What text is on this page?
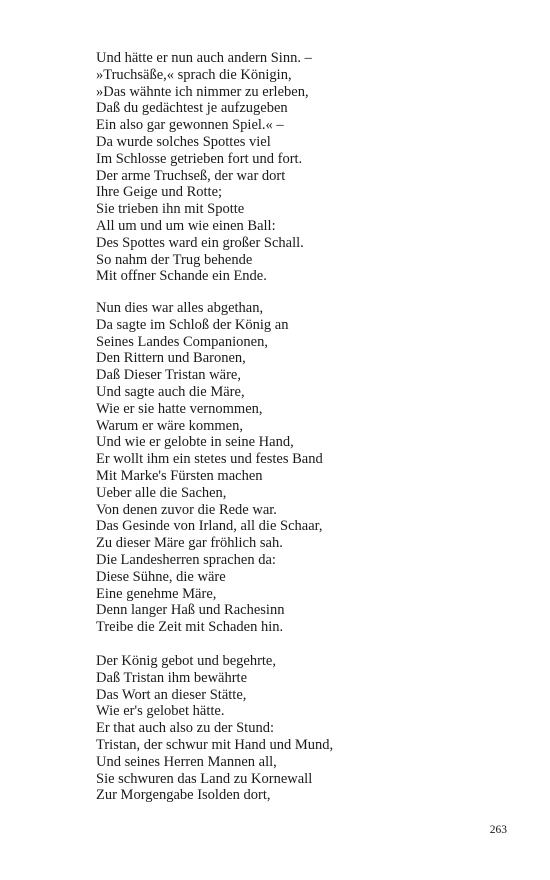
Und hätte er nun auch andern Sinn. –
»Truchsäße,« sprach die Königin,
»Das wähnte ich nimmer zu erleben,
Daß du gedächtest je aufzugeben
Ein also gar gewonnen Spiel.« –
Da wurde solches Spottes viel
Im Schlosse getrieben fort und fort.
Der arme Truchseß, der war dort
Ihre Geige und Rotte;
Sie trieben ihn mit Spotte
All um und um wie einen Ball:
Des Spottes ward ein großer Schall.
So nahm der Trug behende
Mit offner Schande ein Ende.
Nun dies war alles abgethan,
Da sagte im Schloß der König an
Seines Landes Companionen,
Den Rittern und Baronen,
Daß Dieser Tristan wäre,
Und sagte auch die Märe,
Wie er sie hatte vernommen,
Warum er wäre kommen,
Und wie er gelobte in seine Hand,
Er wollt ihm ein stetes und festes Band
Mit Marke's Fürsten machen
Ueber alle die Sachen,
Von denen zuvor die Rede war.
Das Gesinde von Irland, all die Schaar,
Zu dieser Märe gar fröhlich sah.
Die Landesherren sprachen da:
Diese Sühne, die wäre
Eine genehme Märe,
Denn langer Haß und Rachesinn
Treibe die Zeit mit Schaden hin.
Der König gebot und begehrte,
Daß Tristan ihm bewährte
Das Wort an dieser Stätte,
Wie er's gelobet hätte.
Er that auch also zu der Stund:
Tristan, der schwur mit Hand und Mund,
Und seines Herren Mannen all,
Sie schwuren das Land zu Kornewall
Zur Morgengabe Isolden dort,
263
